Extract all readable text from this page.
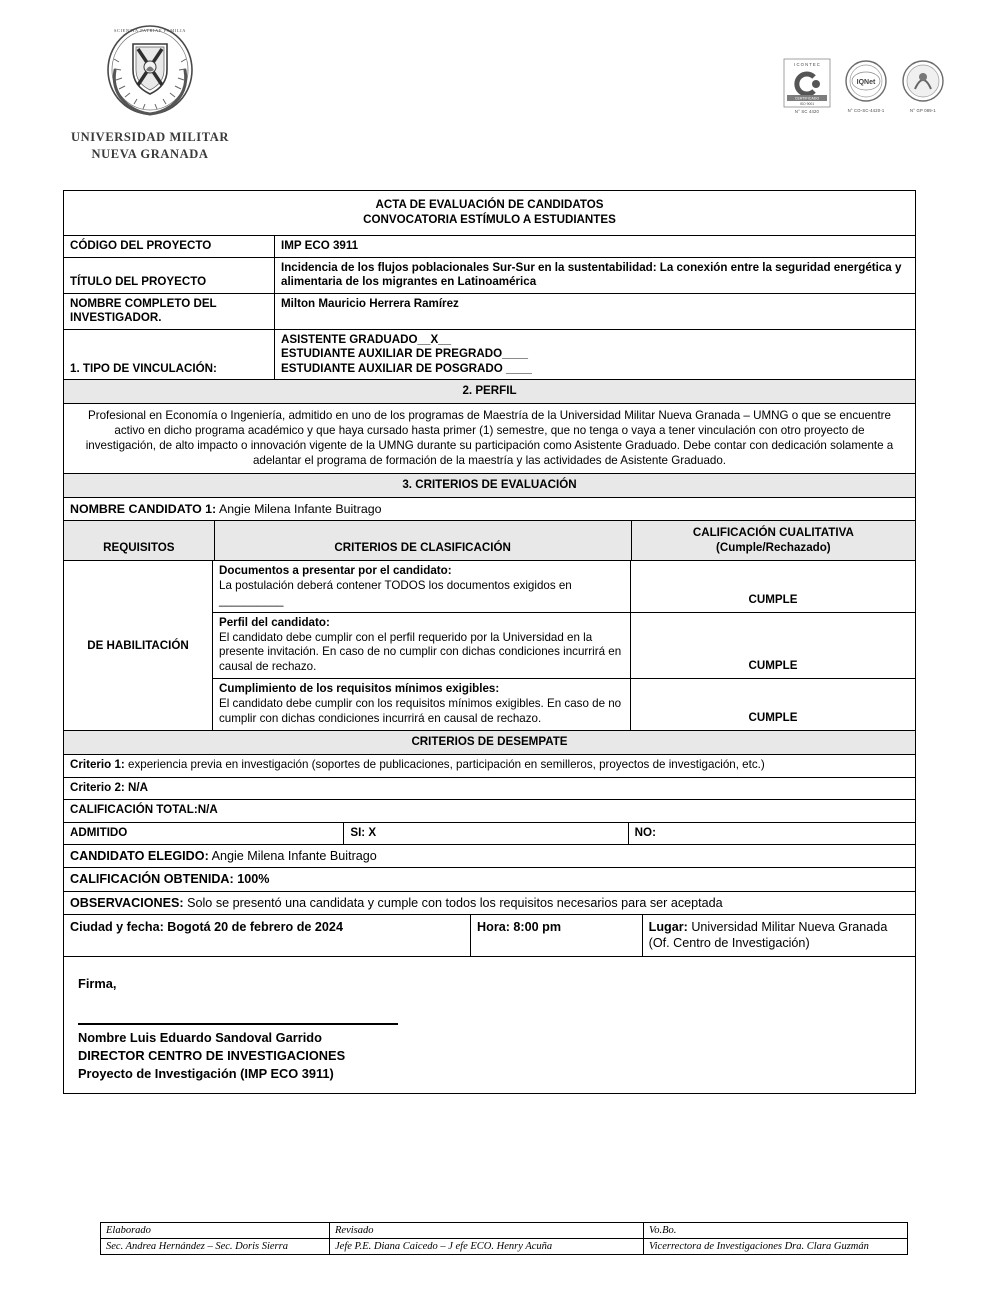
SCIENTIA PATRIAE FAMILIA
UNIVERSIDAD MILITAR
NUEVA GRANADA
I C O N T E C
CERTIFICADO
ISO 9001
N° SC 4420
IQNet
N° CO-SC-4420-1	N° GP 089-1
ACTA DE EVALUACIÓN DE CANDIDATOS
CONVOCATORIA ESTÍMULO A ESTUDIANTES
CÓDIGO DEL PROYECTO	IMP ECO 3911
TÍTULO DEL PROYECTO
Incidencia de los flujos poblacionales Sur-Sur en la sustentabilidad: La conexión entre la seguridad energética y alimentaria de los migrantes en Latinoamérica
NOMBRE COMPLETO DEL INVESTIGADOR.
Milton Mauricio Herrera Ramírez
1. TIPO DE VINCULACIÓN:
ASISTENTE GRADUADO__X__
ESTUDIANTE AUXILIAR DE PREGRADO____
ESTUDIANTE AUXILIAR DE POSGRADO ____
2. PERFIL
Profesional en Economía o Ingeniería, admitido en uno de los programas de Maestría de la Universidad Militar Nueva Granada – UMNG o que se encuentre activo en dicho programa académico y que haya cursado hasta primer (1) semestre, que no tenga o vaya a tener vinculación con otro proyecto de investigación, de alto impacto o innovación vigente de la UMNG durante su participación como Asistente Graduado. Debe contar con dedicación solamente a adelantar el programa de formación de la maestría y las actividades de Asistente Graduado.
3. CRITERIOS DE EVALUACIÓN
NOMBRE CANDIDATO 1: Angie Milena Infante Buitrago
REQUISITOS	CRITERIOS DE CLASIFICACIÓN
CALIFICACIÓN CUALITATIVA
(Cumple/Rechazado)
DE HABILITACIÓN
Documentos a presentar por el candidato:
La postulación deberá contener TODOS los documentos exigidos en __________	CUMPLE
Perfil del candidato:
El candidato debe cumplir con el perfil requerido por la Universidad en la presente invitación. En caso de no cumplir con dichas condiciones incurrirá en causal de rechazo.	CUMPLE
Cumplimiento de los requisitos mínimos exigibles:
El candidato debe cumplir con los requisitos mínimos exigibles. En caso de no cumplir con dichas condiciones incurrirá en causal de rechazo.	CUMPLE
CRITERIOS DE DESEMPATE
Criterio 1: experiencia previa en investigación (soportes de publicaciones, participación en semilleros, proyectos de investigación, etc.)
Criterio 2: N/A
CALIFICACIÓN TOTAL:N/A
ADMITIDO	SI: X	NO:
CANDIDATO ELEGIDO: Angie Milena Infante Buitrago
CALIFICACIÓN OBTENIDA: 100%
OBSERVACIONES: Solo se presentó una candidata y cumple con todos los requisitos necesarios para ser aceptada
Ciudad y fecha: Bogotá 20 de febrero de 2024	Hora: 8:00 pm	Lugar: Universidad Militar Nueva Granada (Of. Centro de Investigación)
Firma,
Nombre Luis Eduardo Sandoval Garrido
DIRECTOR CENTRO DE INVESTIGACIONES
Proyecto de Investigación (IMP ECO 3911)
Elaborado	Revisado	Vo.Bo.
Sec. Andrea Hernández – Sec. Doris Sierra	Jefe P.E. Diana Caicedo – J efe ECO. Henry Acuña	Vicerrectora de Investigaciones Dra. Clara Guzmán
